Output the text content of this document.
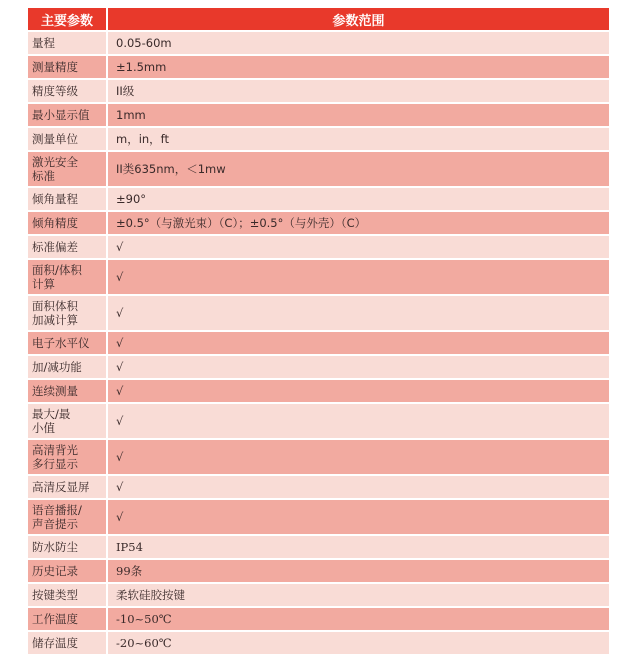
主要参数	参数范围
量程	0.05-60m
测量精度	±1.5mm
精度等级	II级
最小显示值	1mm
测量单位	m，in，ft
激光安全
标准	II类635nm，＜1mw
倾角量程	±90°
倾角精度	±0.5°（与激光束）（C）；±0.5°（与外壳）（C）
标准偏差	√
面积/体积
计算	√
面积体积
加减计算	√
电子水平仪	√
加/减功能	√
连续测量	√
最大/最
小值	√
高清背光
多行显示	√
高清反显屏	√
语音播报/
声音提示	√
防水防尘	IP54
历史记录	99条
按键类型	柔软硅胶按键
工作温度	-10~50℃
储存温度	-20~60℃
